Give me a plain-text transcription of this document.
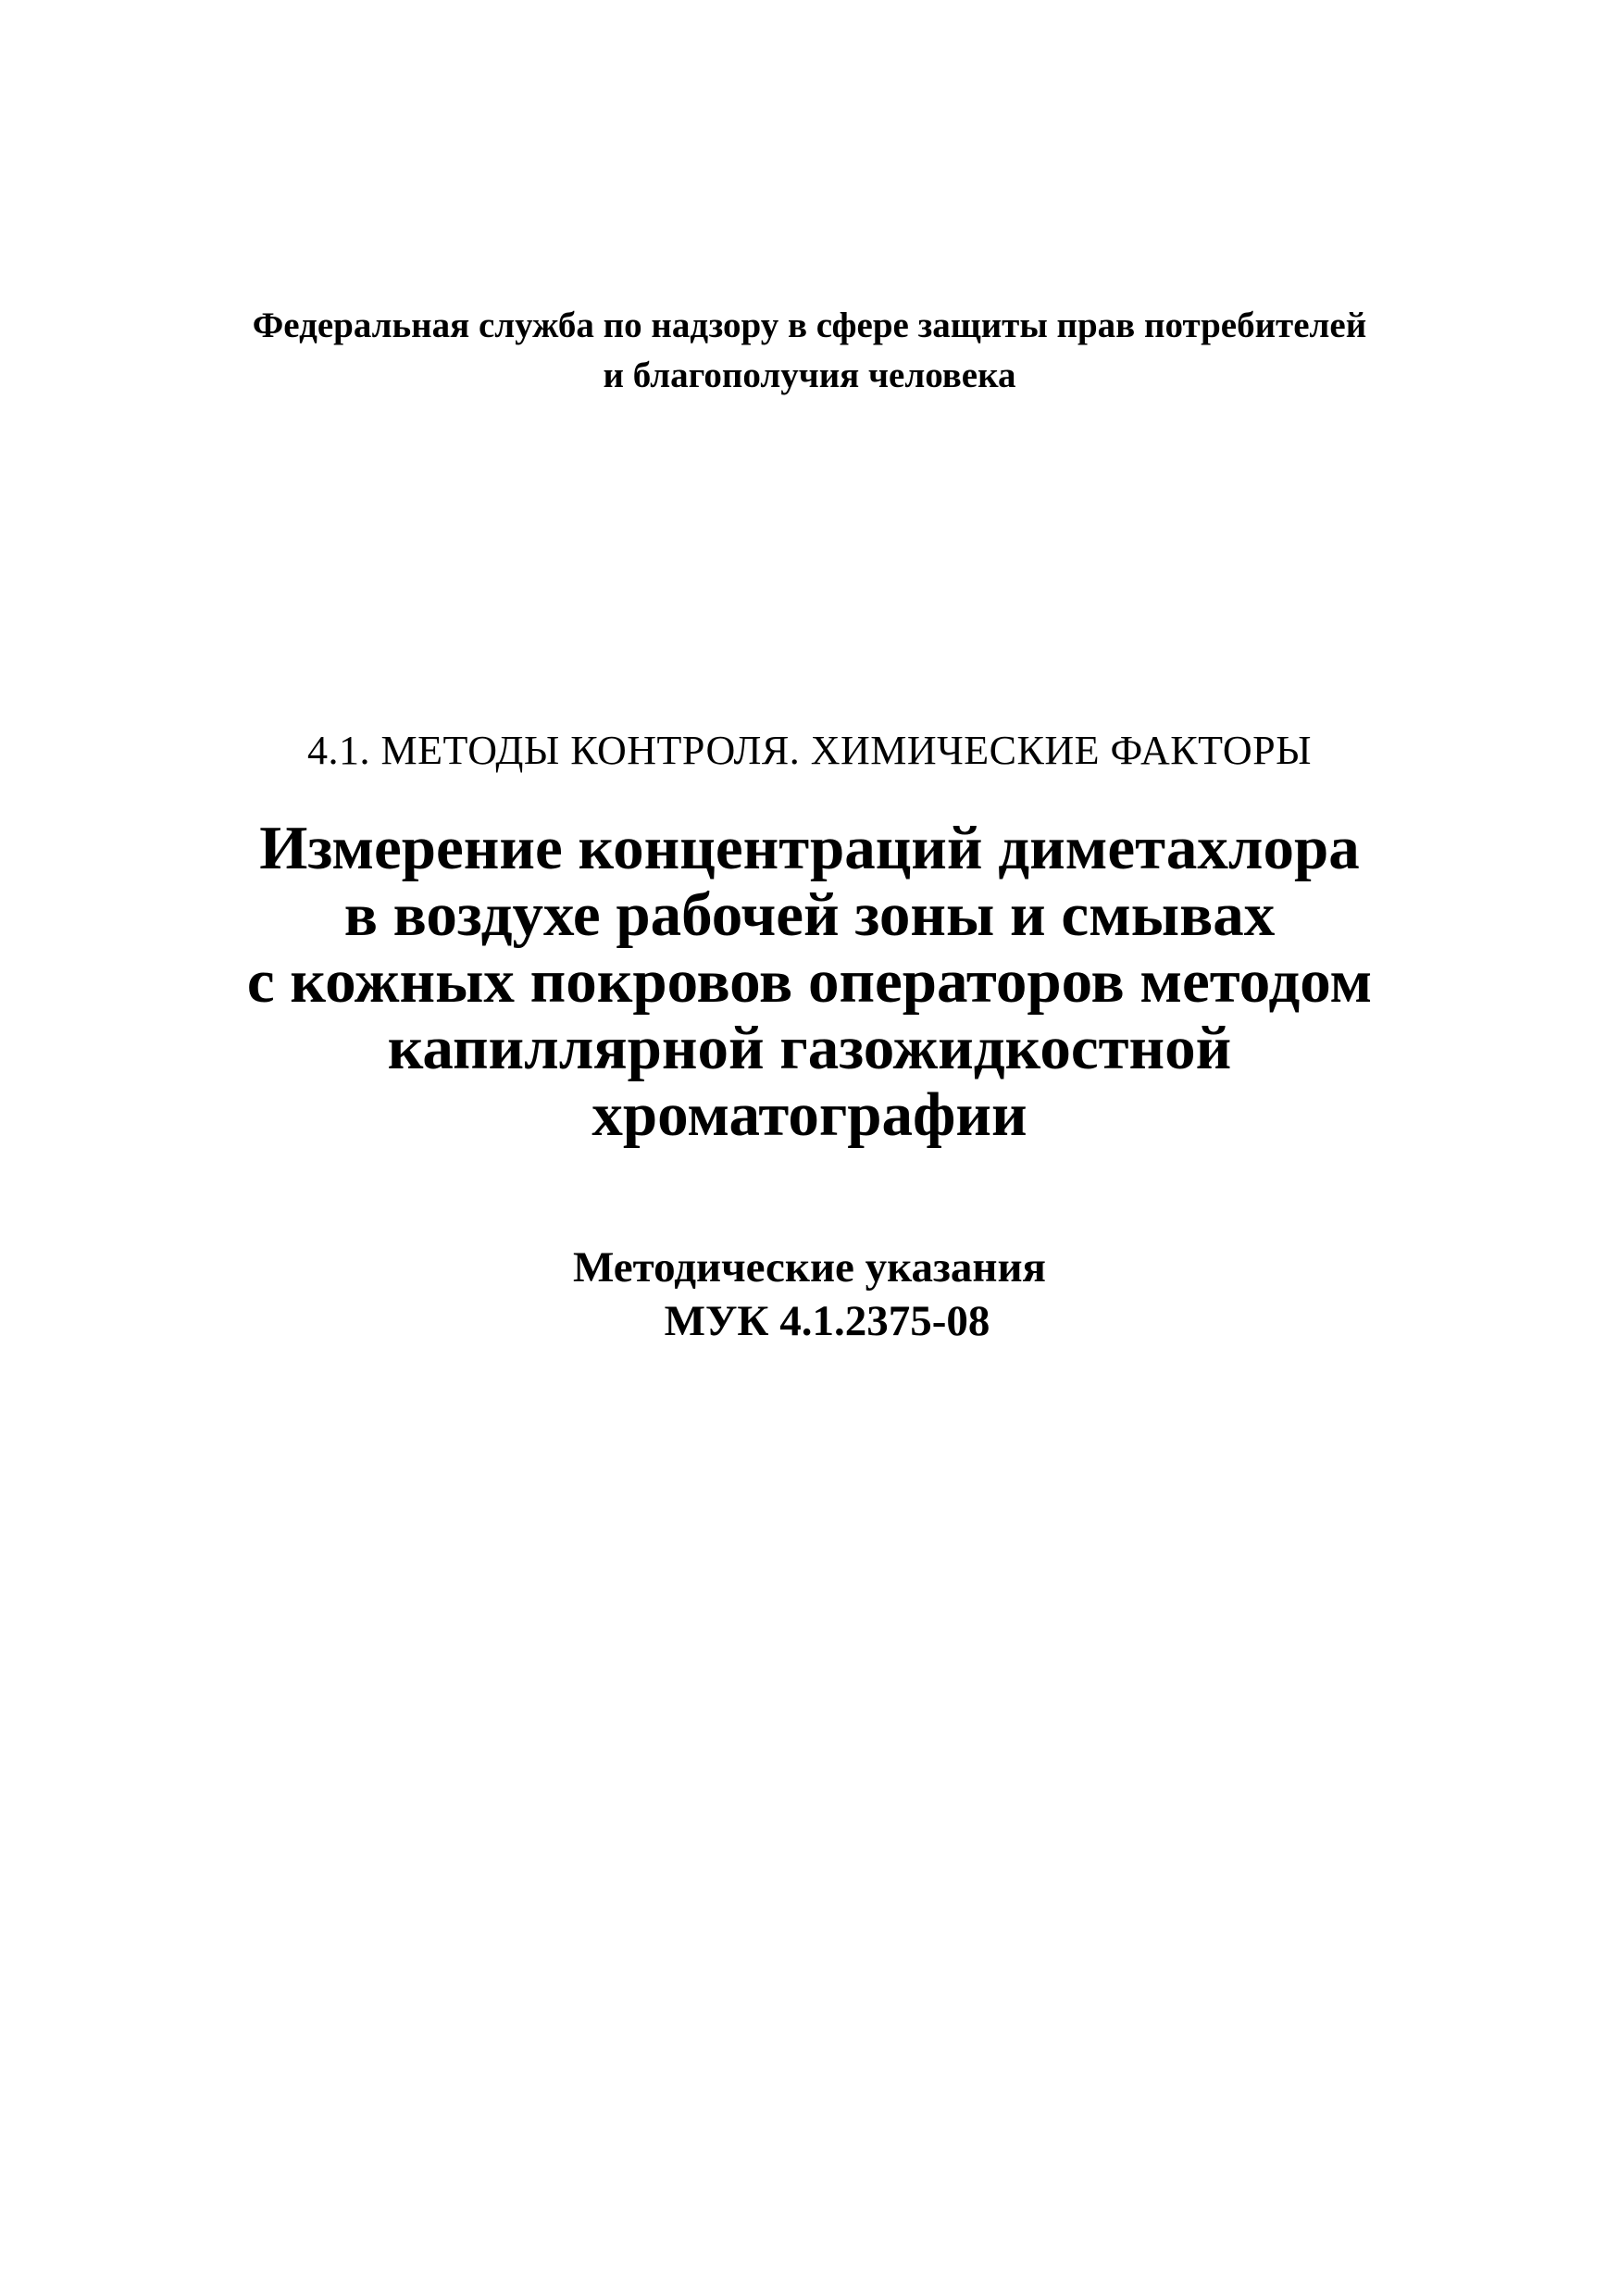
Федеральная служба по надзору в сфере защиты прав потребителей
и благополучия человека
4.1. МЕТОДЫ КОНТРОЛЯ. ХИМИЧЕСКИЕ ФАКТОРЫ
Измерение концентраций диметахлора
в воздухе рабочей зоны и смывах
с кожных покровов операторов методом
капиллярной газожидкостной
хроматографии
Методические указания
МУК 4.1.2375-08
